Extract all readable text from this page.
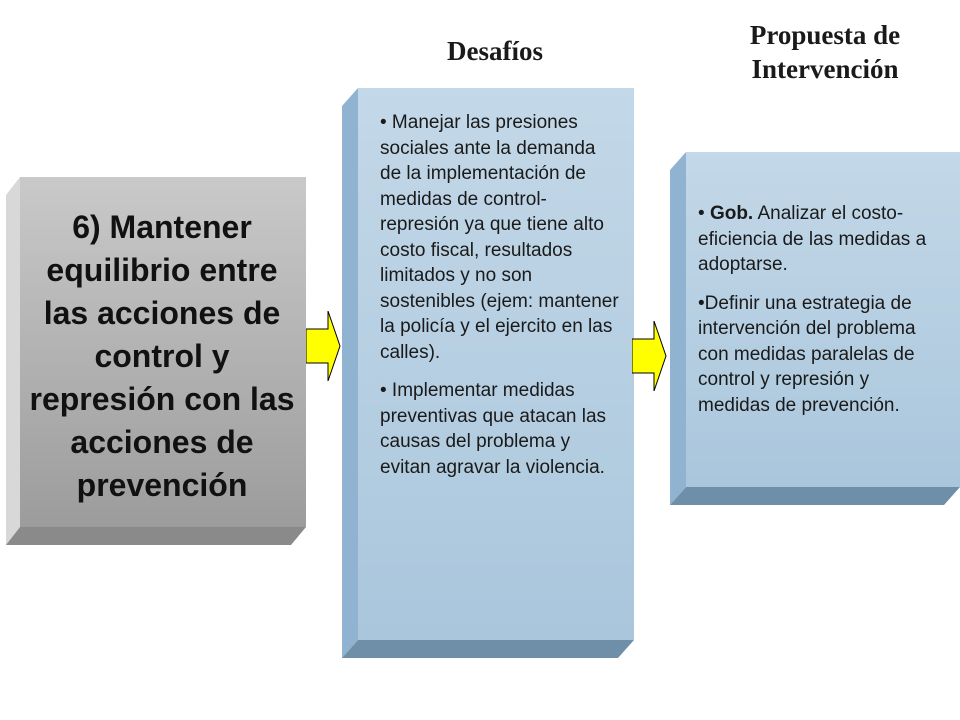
Desafíos
Propuesta de Intervención
6) Mantener equilibrio entre las acciones de control y represión con las acciones de prevención

• Manejar las presiones sociales ante la demanda de la implementación de medidas de control-represión ya que tiene alto costo fiscal, resultados limitados y no son sostenibles (ejem: mantener la policía y el ejercito en las calles).

• Implementar medidas preventivas que atacan las causas del problema y evitan agravar la violencia.

• Gob. Analizar el costo-eficiencia de las medidas a adoptarse.

•Definir una estrategia de intervención del problema con medidas paralelas de control y represión y medidas de prevención.
